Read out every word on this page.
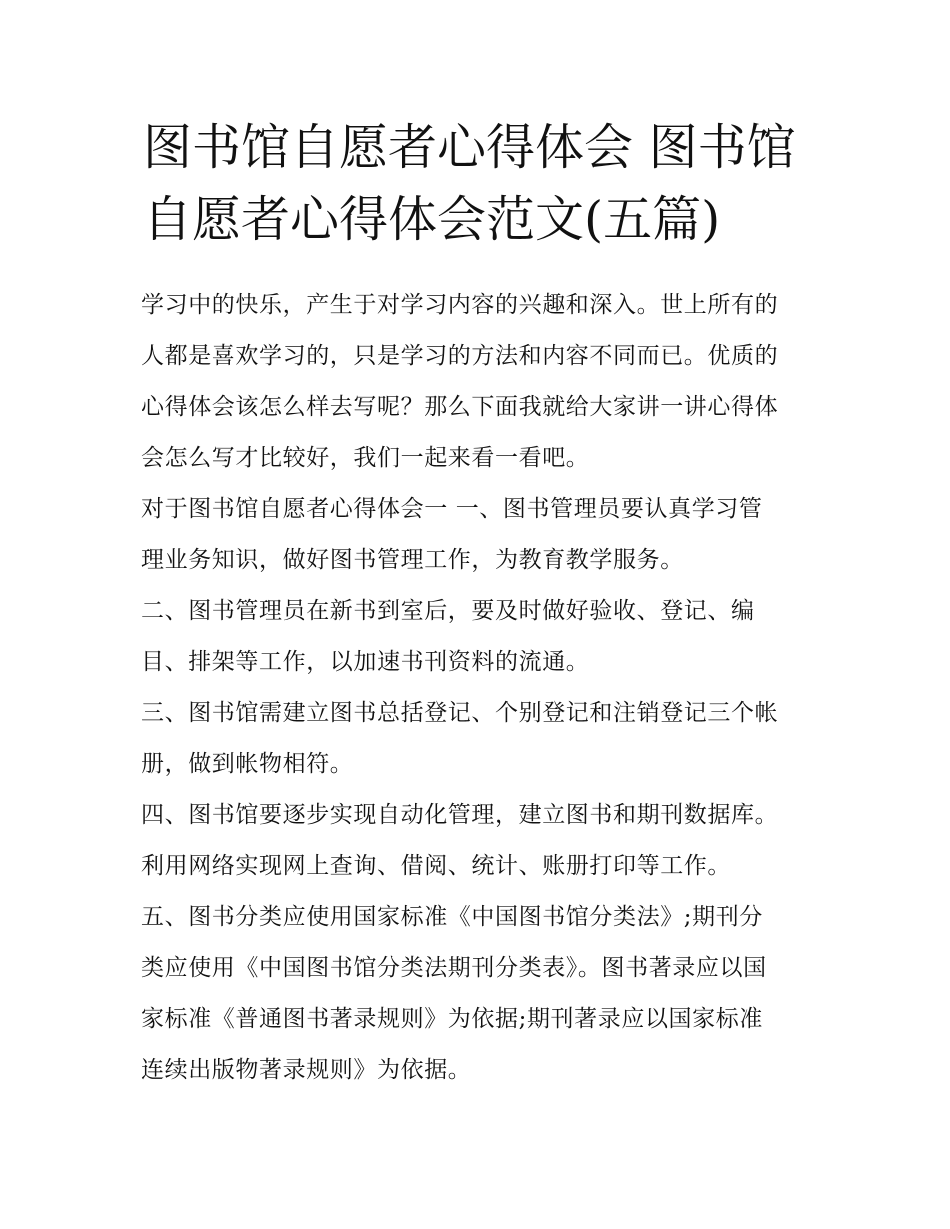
图书馆自愿者心得体会 图书馆
自愿者心得体会范文(五篇)
学习中的快乐，产生于对学习内容的兴趣和深入。世上所有的
人都是喜欢学习的，只是学习的方法和内容不同而已。优质的
心得体会该怎么样去写呢？那么下面我就给大家讲一讲心得体
会怎么写才比较好，我们一起来看一看吧。
对于图书馆自愿者心得体会一 一、图书管理员要认真学习管
理业务知识，做好图书管理工作，为教育教学服务。
二、图书管理员在新书到室后，要及时做好验收、登记、编
目、排架等工作，以加速书刊资料的流通。
三、图书馆需建立图书总括登记、个别登记和注销登记三个帐
册，做到帐物相符。
四、图书馆要逐步实现自动化管理，建立图书和期刊数据库。
利用网络实现网上查询、借阅、统计、账册打印等工作。
五、图书分类应使用国家标准《中国图书馆分类法》;期刊分
类应使用《中国图书馆分类法期刊分类表》。图书著录应以国
家标准《普通图书著录规则》为依据;期刊著录应以国家标准
连续出版物著录规则》为依据。
